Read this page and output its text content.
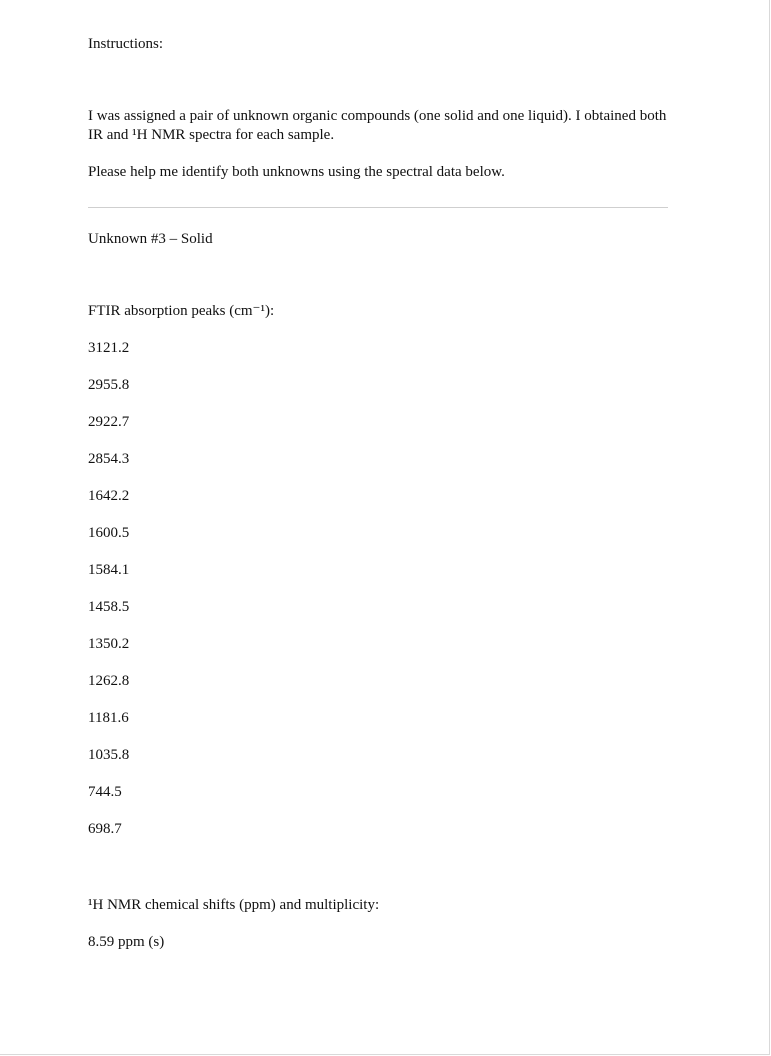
Instructions:

I was assigned a pair of unknown organic compounds (one solid and one liquid). I obtained both IR and ¹H NMR spectra for each sample.

Please help me identify both unknowns using the spectral data below.

Unknown #3 – Solid

FTIR absorption peaks (cm⁻¹):

3121.2
2955.8
2922.7
2854.3
1642.2
1600.5
1584.1
1458.5
1350.2
1262.8
1181.6
1035.8
744.5
698.7

¹H NMR chemical shifts (ppm) and multiplicity:

8.59 ppm (s)
